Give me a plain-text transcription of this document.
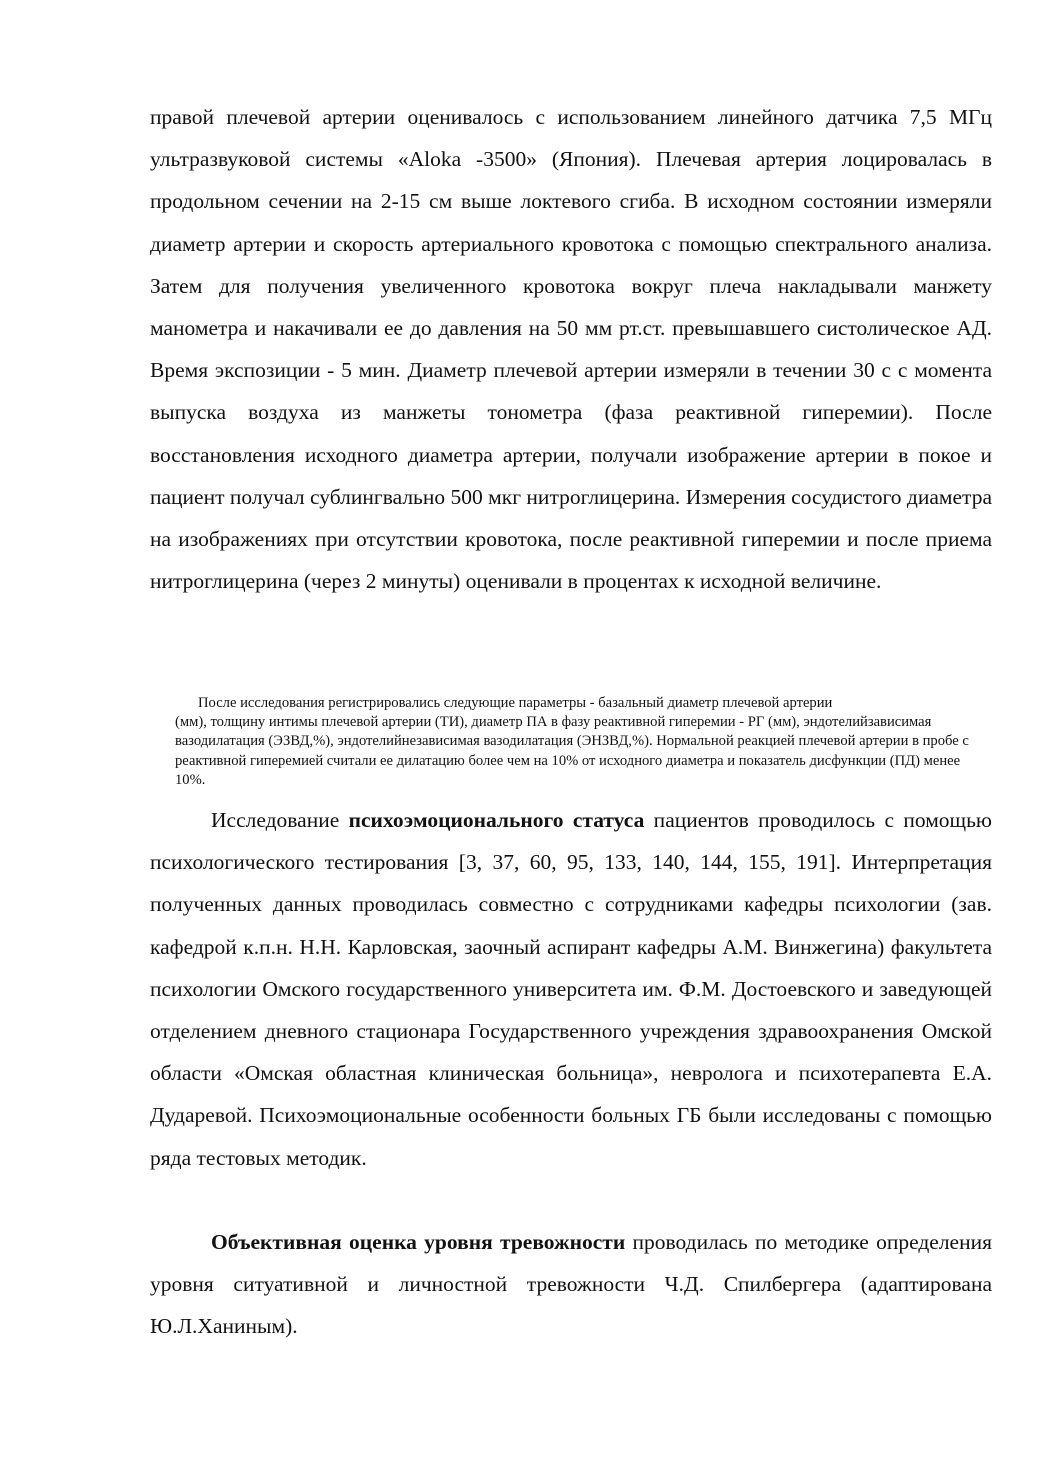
правой плечевой артерии оценивалось с использованием линейного датчика 7,5 МГц ультразвуковой системы «Aloka -3500» (Япония). Плечевая артерия лоцировалась в продольном сечении на 2-15 см выше локтевого сгиба. В исходном состоянии измеряли диаметр артерии и скорость артериального кровотока с помощью спектрального анализа. Затем для получения увеличенного кровотока вокруг плеча накладывали манжету манометра и накачивали ее до давления на 50 мм рт.ст. превышавшего систолическое АД. Время экспозиции - 5 мин. Диаметр плечевой артерии измеряли в течении 30 с с момента выпуска воздуха из манжеты тонометра (фаза реактивной гиперемии). После восстановления исходного диаметра артерии, получали изображение артерии в покое и пациент получал сублингвально 500 мкг нитроглицерина. Измерения сосудистого диаметра на изображениях при отсутствии кровотока, после реактивной гиперемии и после приема нитроглицерина (через 2 минуты) оценивали в процентах к исходной величине.

После исследования регистрировались следующие параметры - базальный диаметр плечевой артерии
(мм), толщину интимы плечевой артерии (ТИ), диаметр ПА в фазу реактивной гиперемии - РГ (мм), эндотелийзависимая вазодилатация (ЭЗВД,%), эндотелийнезависимая вазодилатация (ЭНЗВД,%). Нормальной реакцией плечевой артерии в пробе с реактивной гиперемией считали ее дилатацию более чем на 10% от исходного диаметра и показатель дисфункции (ПД) менее 10%.

Исследование психоэмоционального статуса пациентов проводилось с помощью психологического тестирования [3, 37, 60, 95, 133, 140, 144, 155, 191]. Интерпретация полученных данных проводилась совместно с сотрудниками кафедры психологии (зав. кафедрой к.п.н. Н.Н. Карловская, заочный аспирант кафедры А.М. Винжегина) факультета психологии Омского государственного университета им. Ф.М. Достоевского и заведующей отделением дневного стационара Государственного учреждения здравоохранения Омской области «Омская областная клиническая больница», невролога и психотерапевта Е.А. Дударевой. Психоэмоциональные особенности больных ГБ были исследованы с помощью ряда тестовых методик.

Объективная оценка уровня тревожности проводилась по методике определения уровня ситуативной и личностной тревожности Ч.Д. Спилбергера (адаптирована Ю.Л.Ханиным).
